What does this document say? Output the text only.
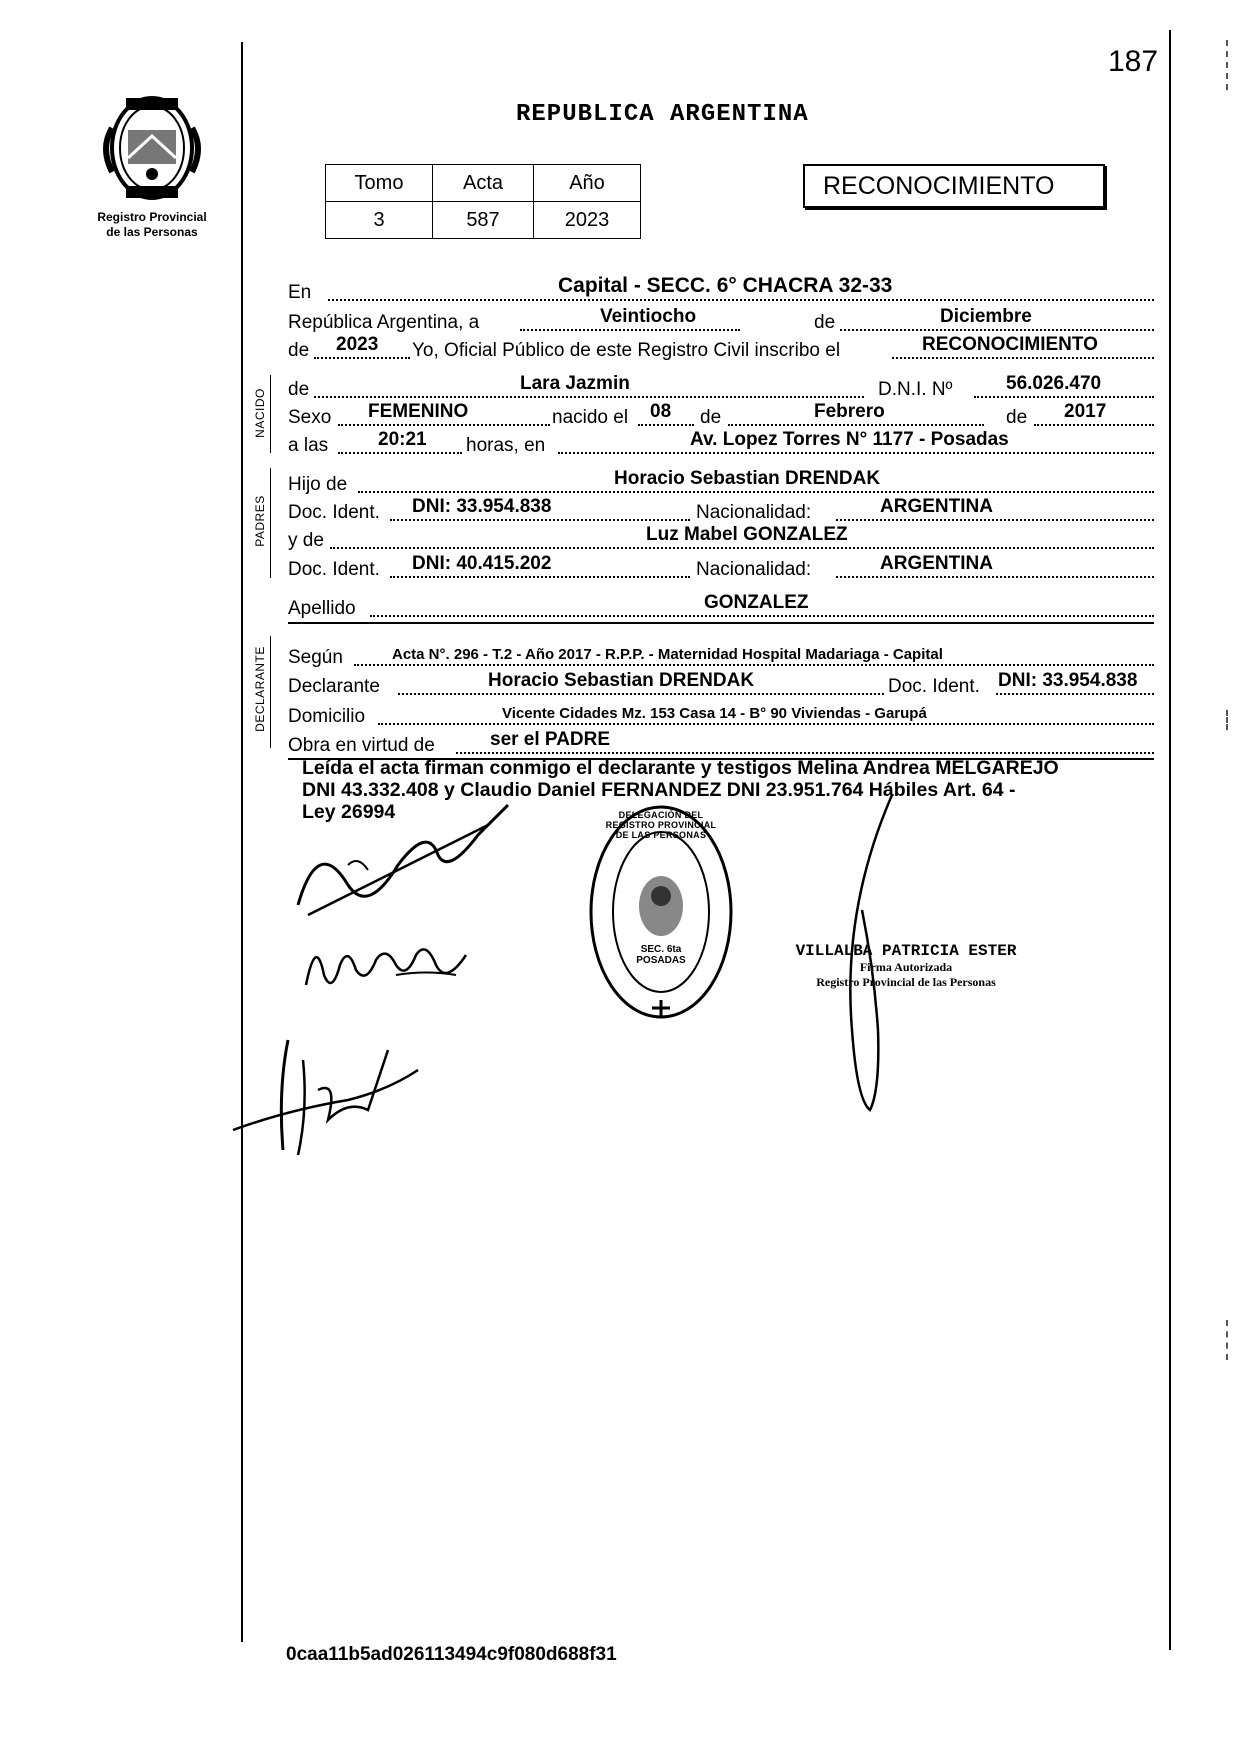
187
Registro Provincial
de las Personas
REPUBLICA ARGENTINA
Tomo	Acta	Año
3	587	2023
RECONOCIMIENTO
NACIDO
PADRES
DECLARANTE
En	Capital - SECC. 6° CHACRA 32-33
República Argentina, a	Veintiocho	de	Diciembre
de 2023 Yo, Oficial Público de este Registro Civil inscribo el	RECONOCIMIENTO
de	Lara Jazmin	D.N.I. Nº	56.026.470
Sexo FEMENINO	nacido el 08 de	Febrero	de 2017
a las	20:21 horas, en	Av. Lopez Torres N° 1177 - Posadas
Hijo de	Horacio Sebastian DRENDAK
Doc. Ident. DNI: 33.954.838	Nacionalidad:	ARGENTINA
y de	Luz Mabel GONZALEZ
Doc. Ident. DNI: 40.415.202	Nacionalidad:	ARGENTINA
Apellido	GONZALEZ
Según	Acta N°. 296 - T.2 - Año 2017 - R.P.P. - Maternidad Hospital Madariaga - Capital
Declarante	Horacio Sebastian DRENDAK	Doc. Ident. DNI: 33.954.838
Domicilio	Vicente Cidades Mz. 153 Casa 14 - B° 90 Viviendas - Garupá
Obra en virtud de	ser el PADRE
Leída el acta firman conmigo el declarante y testigos Melina Andrea MELGAREJO
DNI 43.332.408 y Claudio Daniel FERNANDEZ DNI 23.951.764 Hábiles Art. 64 -
Ley 26994	DELEGACIÓN DEL REGISTRO PROVINCIAL DE LAS PERSONAS
SEC. 6ta POSADAS
VILLALBA PATRICIA ESTER
Firma Autorizada
Registro Provincial de las Personas
0caa11b5ad026113494c9f080d688f31
